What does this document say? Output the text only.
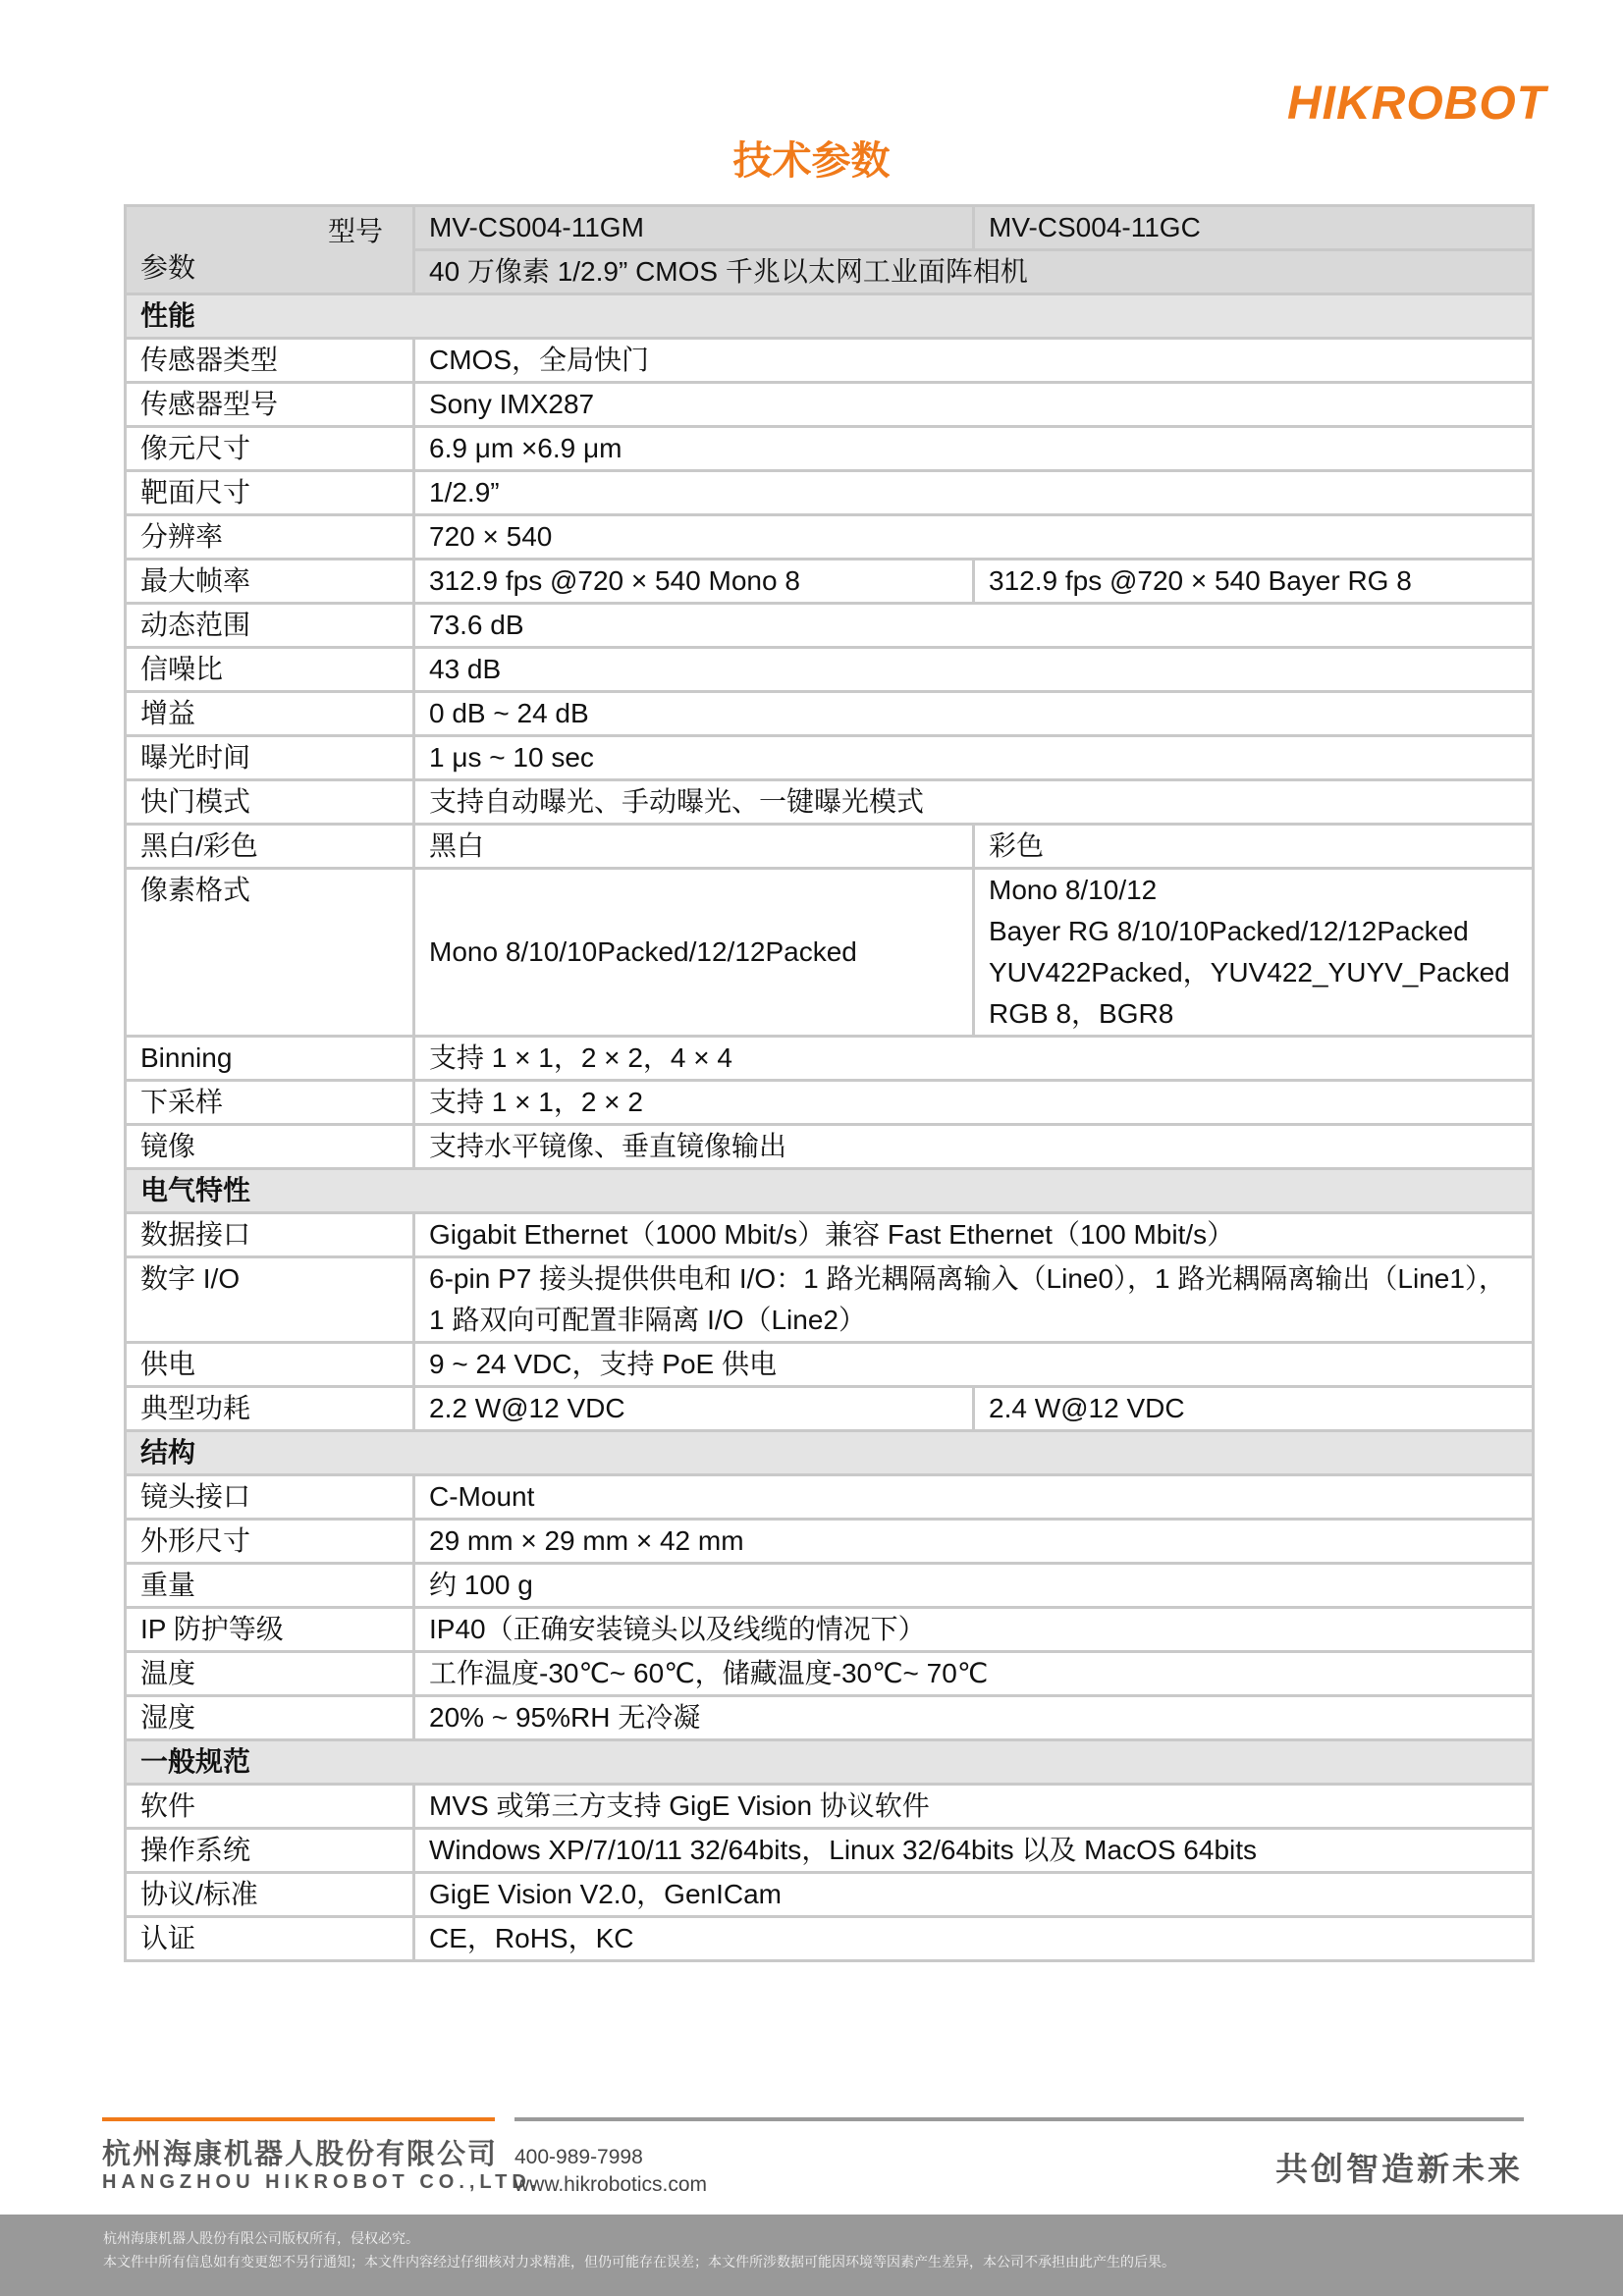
HIKROBOT
技术参数
型号
参数	MV-CS004-11GM	MV-CS004-11GC
	40 万像素 1/2.9” CMOS 千兆以太网工业面阵相机	
性能		
传感器类型	CMOS，全局快门	
传感器型号	Sony IMX287	
像元尺寸	6.9 μm ×6.9 μm	
靶面尺寸	1/2.9”	
分辨率	720 × 540	
最大帧率	312.9 fps @720 × 540 Mono 8	312.9 fps @720 × 540 Bayer RG 8
动态范围	73.6 dB	
信噪比	43 dB	
增益	0 dB ~ 24 dB	
曝光时间	1 μs ~ 10 sec	
快门模式	支持自动曝光、手动曝光、一键曝光模式	
黑白/彩色	黑白	彩色
像素格式	Mono 8/10/10Packed/12/12Packed	Mono 8/10/12
Bayer RG 8/10/10Packed/12/12Packed
YUV422Packed，YUV422_YUYV_Packed
RGB 8，BGR8

Binning	支持 1 × 1，2 × 2，4 × 4	
下采样	支持 1 × 1，2 × 2	
镜像	支持水平镜像、垂直镜像输出	
电气特性		
数据接口	Gigabit Ethernet（1000 Mbit/s）兼容 Fast Ethernet（100 Mbit/s）	
数字 I/O	6-pin P7 接头提供供电和 I/O：1 路光耦隔离输入（Line0），1 路光耦隔离输出（Line1），
1 路双向可配置非隔离 I/O（Line2）	

供电	9 ~ 24 VDC，支持 PoE 供电	
典型功耗	2.2 W@12 VDC	2.4 W@12 VDC
结构		
镜头接口	C-Mount	
外形尺寸	29 mm × 29 mm × 42 mm	
重量	约 100 g	
IP 防护等级	IP40（正确安装镜头以及线缆的情况下）	
温度	工作温度-30℃~ 60℃，储藏温度-30℃~ 70℃	
湿度	20% ~ 95%RH 无冷凝	
一般规范		
软件	MVS 或第三方支持 GigE Vision 协议软件	
操作系统	Windows XP/7/10/11 32/64bits，Linux 32/64bits 以及 MacOS 64bits	
协议/标准	GigE Vision V2.0，GenICam	
认证	CE，RoHS，KC	
杭州海康机器人股份有限公司
HANGZHOU HIKROBOT CO.,LTD.
400-989-7998
www.hikrobotics.com	共创智造新未来
杭州海康机器人股份有限公司版权所有，侵权必究。
本文件中所有信息如有变更恕不另行通知；本文件内容经过仔细核对力求精准，但仍可能存在误差；本文件所涉数据可能因环境等因素产生差异，本公司不承担由此产生的后果。
